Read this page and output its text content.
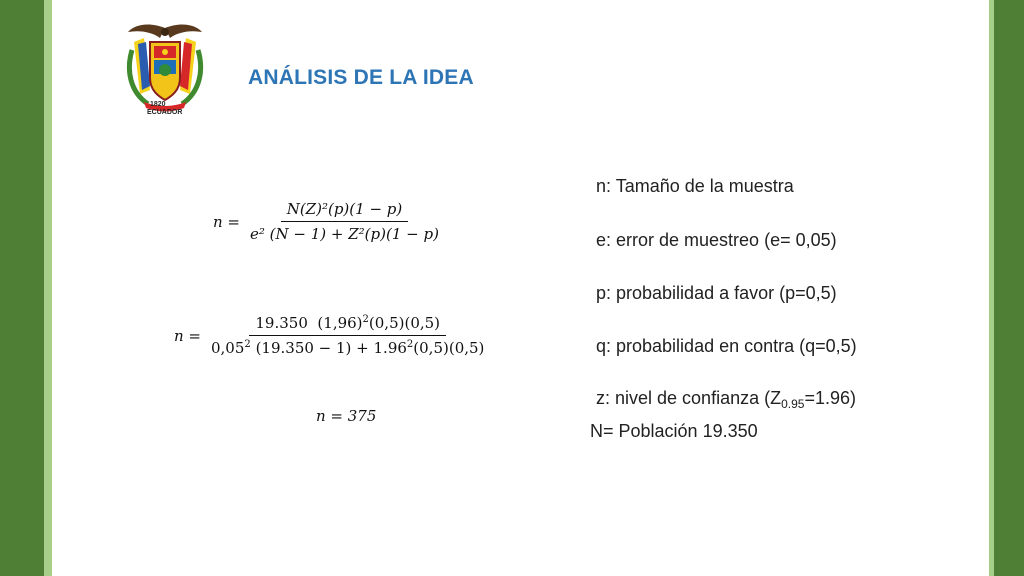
1820
ECUADOR
ANÁLISIS DE LA IDEA
$n = \frac{\text{N(Z)²(p)(1 − p)}}{\text{e² (N − 1) + Z²(p)(1 − p)}}$
$n = \frac{19.350 (1,96)^2(0,5)(0,5)}{0,05^2 (19.350 - 1) + 1.96^2(0,5)(0,5)}$
n = 375
n: Tamaño de la muestra
e: error de muestreo (e= 0,05)
p: probabilidad a favor (p=0,5)
q: probabilidad en contra (q=0,5)
z: nivel de confianza $(Z_{0.95}=1.96)$
N= Población 19.350
